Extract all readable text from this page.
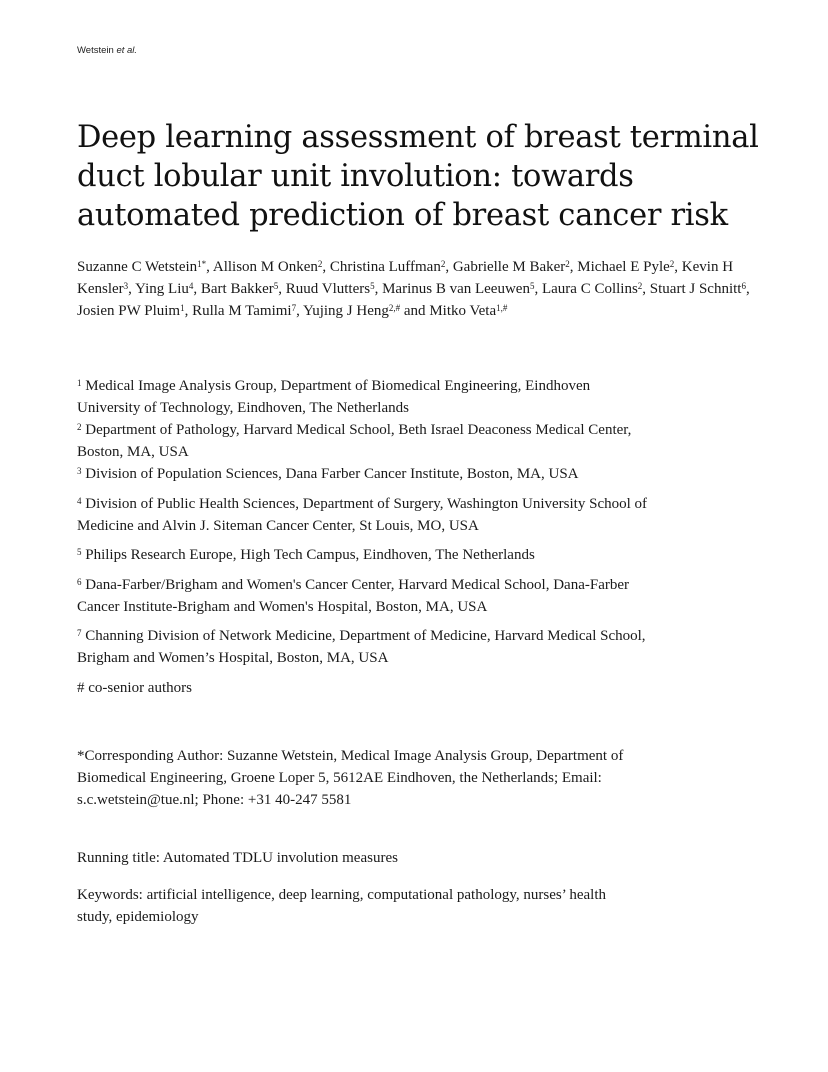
Wetstein et al.
Deep learning assessment of breast terminal
duct lobular unit involution: towards
automated prediction of breast cancer risk
Suzanne C Wetstein$^{1*}$, Allison M Onken$^2$, Christina Luffman$^2$, Gabrielle M Baker$^2$, Michael E Pyle$^2$, Kevin H Kensler$^3$, Ying Liu$^4$, Bart Bakker$^5$, Ruud Vlutters$^5$, Marinus B van Leeuwen$^5$, Laura C Collins$^2$, Stuart J Schnitt$^6$, Josien PW Pluim$^1$, Rulla M Tamimi$^7$, Yujing J Heng$^{2,\#}$ and Mitko Veta$^{1,\#}$
$^1$ Medical Image Analysis Group, Department of Biomedical Engineering, Eindhoven
University of Technology, Eindhoven, The Netherlands
$^2$ Department of Pathology, Harvard Medical School, Beth Israel Deaconess Medical Center,
Boston, MA, USA
$^3$ Division of Population Sciences, Dana Farber Cancer Institute, Boston, MA, USA
$^4$ Division of Public Health Sciences, Department of Surgery, Washington University School of
Medicine and Alvin J. Siteman Cancer Center, St Louis, MO, USA
$^5$ Philips Research Europe, High Tech Campus, Eindhoven, The Netherlands
$^6$ Dana-Farber/Brigham and Women's Cancer Center, Harvard Medical School, Dana-Farber
Cancer Institute-Brigham and Women's Hospital, Boston, MA, USA
$^7$ Channing Division of Network Medicine, Department of Medicine, Harvard Medical School,
Brigham and Women’s Hospital, Boston, MA, USA
# co-senior authors
*Corresponding Author: Suzanne Wetstein, Medical Image Analysis Group, Department of
Biomedical Engineering, Groene Loper 5, 5612AE Eindhoven, the Netherlands; Email:
s.c.wetstein@tue.nl; Phone: +31 40-247 5581
Running title: Automated TDLU involution measures
Keywords: artificial intelligence, deep learning, computational pathology, nurses’ health
study, epidemiology
